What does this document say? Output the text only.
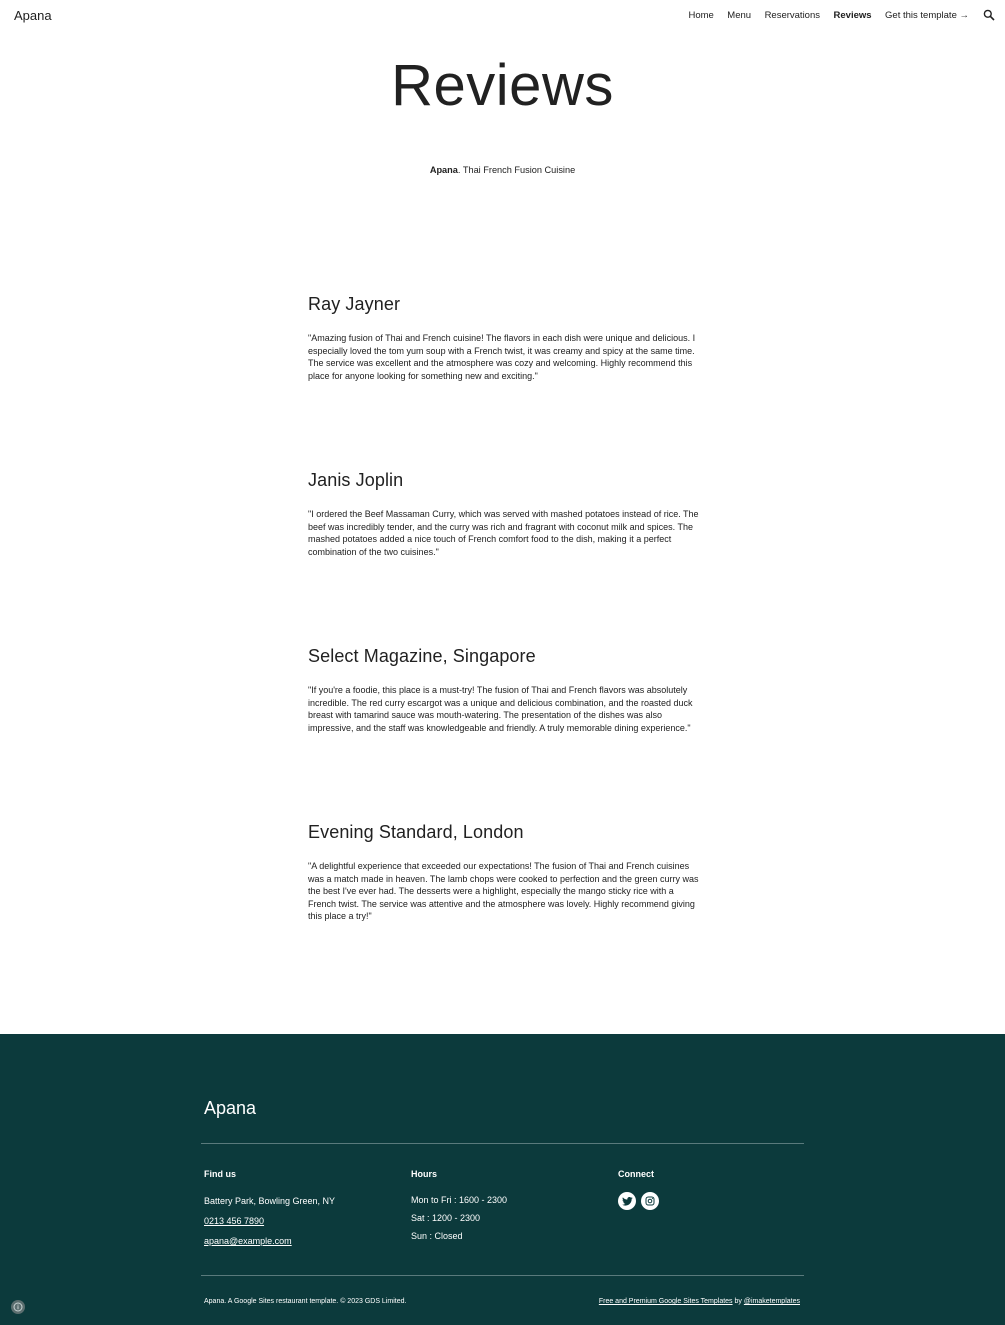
Apana	Home Menu Reservations Reviews Get this template →
Reviews
Apana. Thai French Fusion Cuisine
Ray Jayner

"Amazing fusion of Thai and French cuisine! The flavors in each dish were unique and delicious. I especially loved the tom yum soup with a French twist, it was creamy and spicy at the same time. The service was excellent and the atmosphere was cozy and welcoming. Highly recommend this place for anyone looking for something new and exciting."

Janis Joplin

"I ordered the Beef Massaman Curry, which was served with mashed potatoes instead of rice. The beef was incredibly tender, and the curry was rich and fragrant with coconut milk and spices. The mashed potatoes added a nice touch of French comfort food to the dish, making it a perfect combination of the two cuisines."

Select Magazine, Singapore

"If you're a foodie, this place is a must-try! The fusion of Thai and French flavors was absolutely incredible. The red curry escargot was a unique and delicious combination, and the roasted duck breast with tamarind sauce was mouth-watering. The presentation of the dishes was also impressive, and the staff was knowledgeable and friendly. A truly memorable dining experience."

Evening Standard, London

"A delightful experience that exceeded our expectations! The fusion of Thai and French cuisines was a match made in heaven. The lamb chops were cooked to perfection and the green curry was the best I've ever had. The desserts were a highlight, especially the mango sticky rice with a French twist. The service was attentive and the atmosphere was lovely. Highly recommend giving this place a try!"

Apana
Find us
Battery Park, Bowling Green, NY
0213 456 7890
apana@example.com
Hours
Mon to Fri : 1600 - 2300
Sat : 1200 - 2300
Sun : Closed
Connect
Apana. A Google Sites restaurant template. © 2023 GDS Limited.	Free and Premium Google Sites Templates by @imaketemplates
